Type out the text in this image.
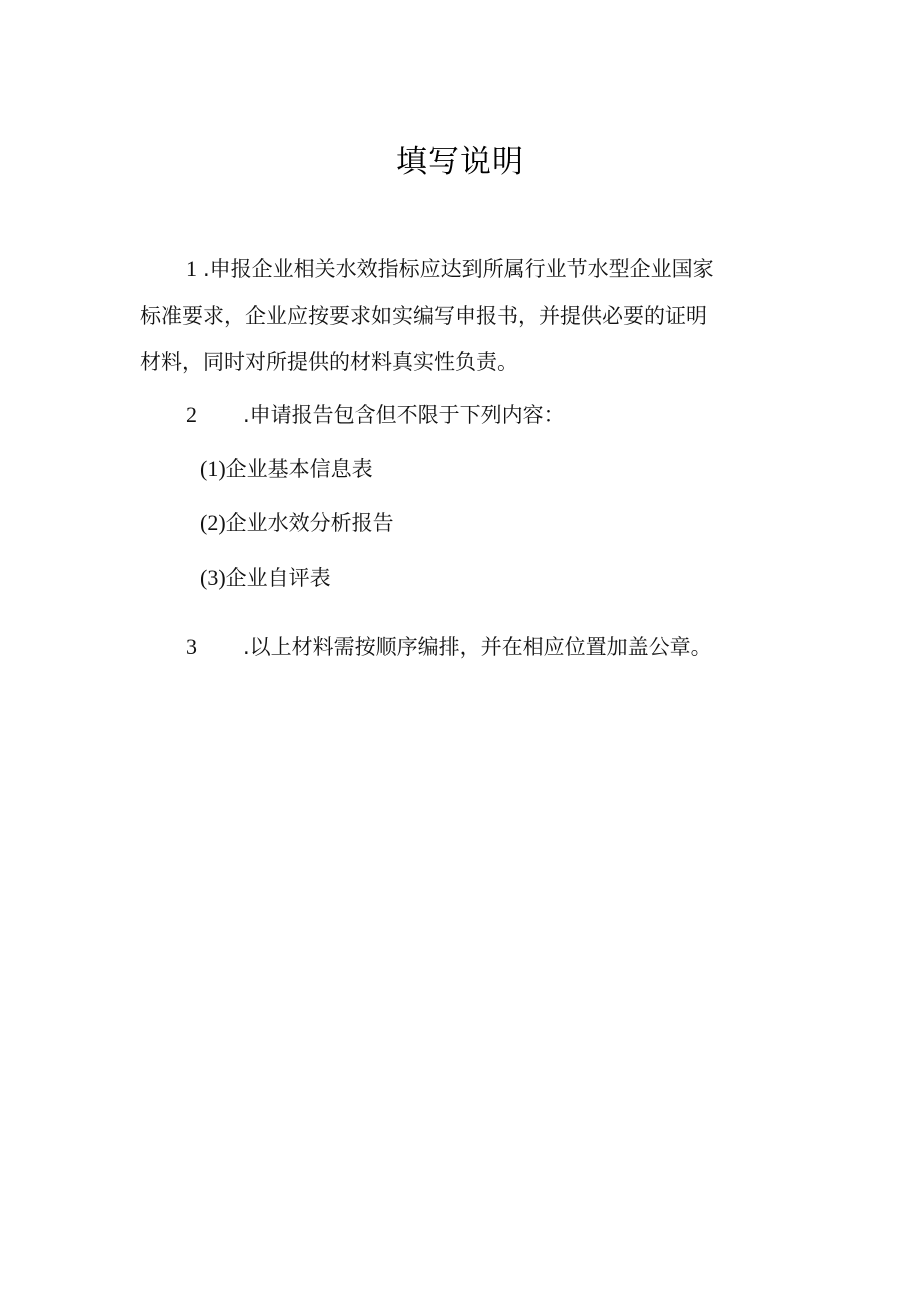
填写说明
1 .申报企业相关水效指标应达到所属行业节水型企业国家
标准要求，企业应按要求如实编写申报书，并提供必要的证明
材料，同时对所提供的材料真实性负责。
2 .申请报告包含但不限于下列内容：
(1)企业基本信息表
(2)企业水效分析报告
(3)企业自评表
3 .以上材料需按顺序编排，并在相应位置加盖公章。
